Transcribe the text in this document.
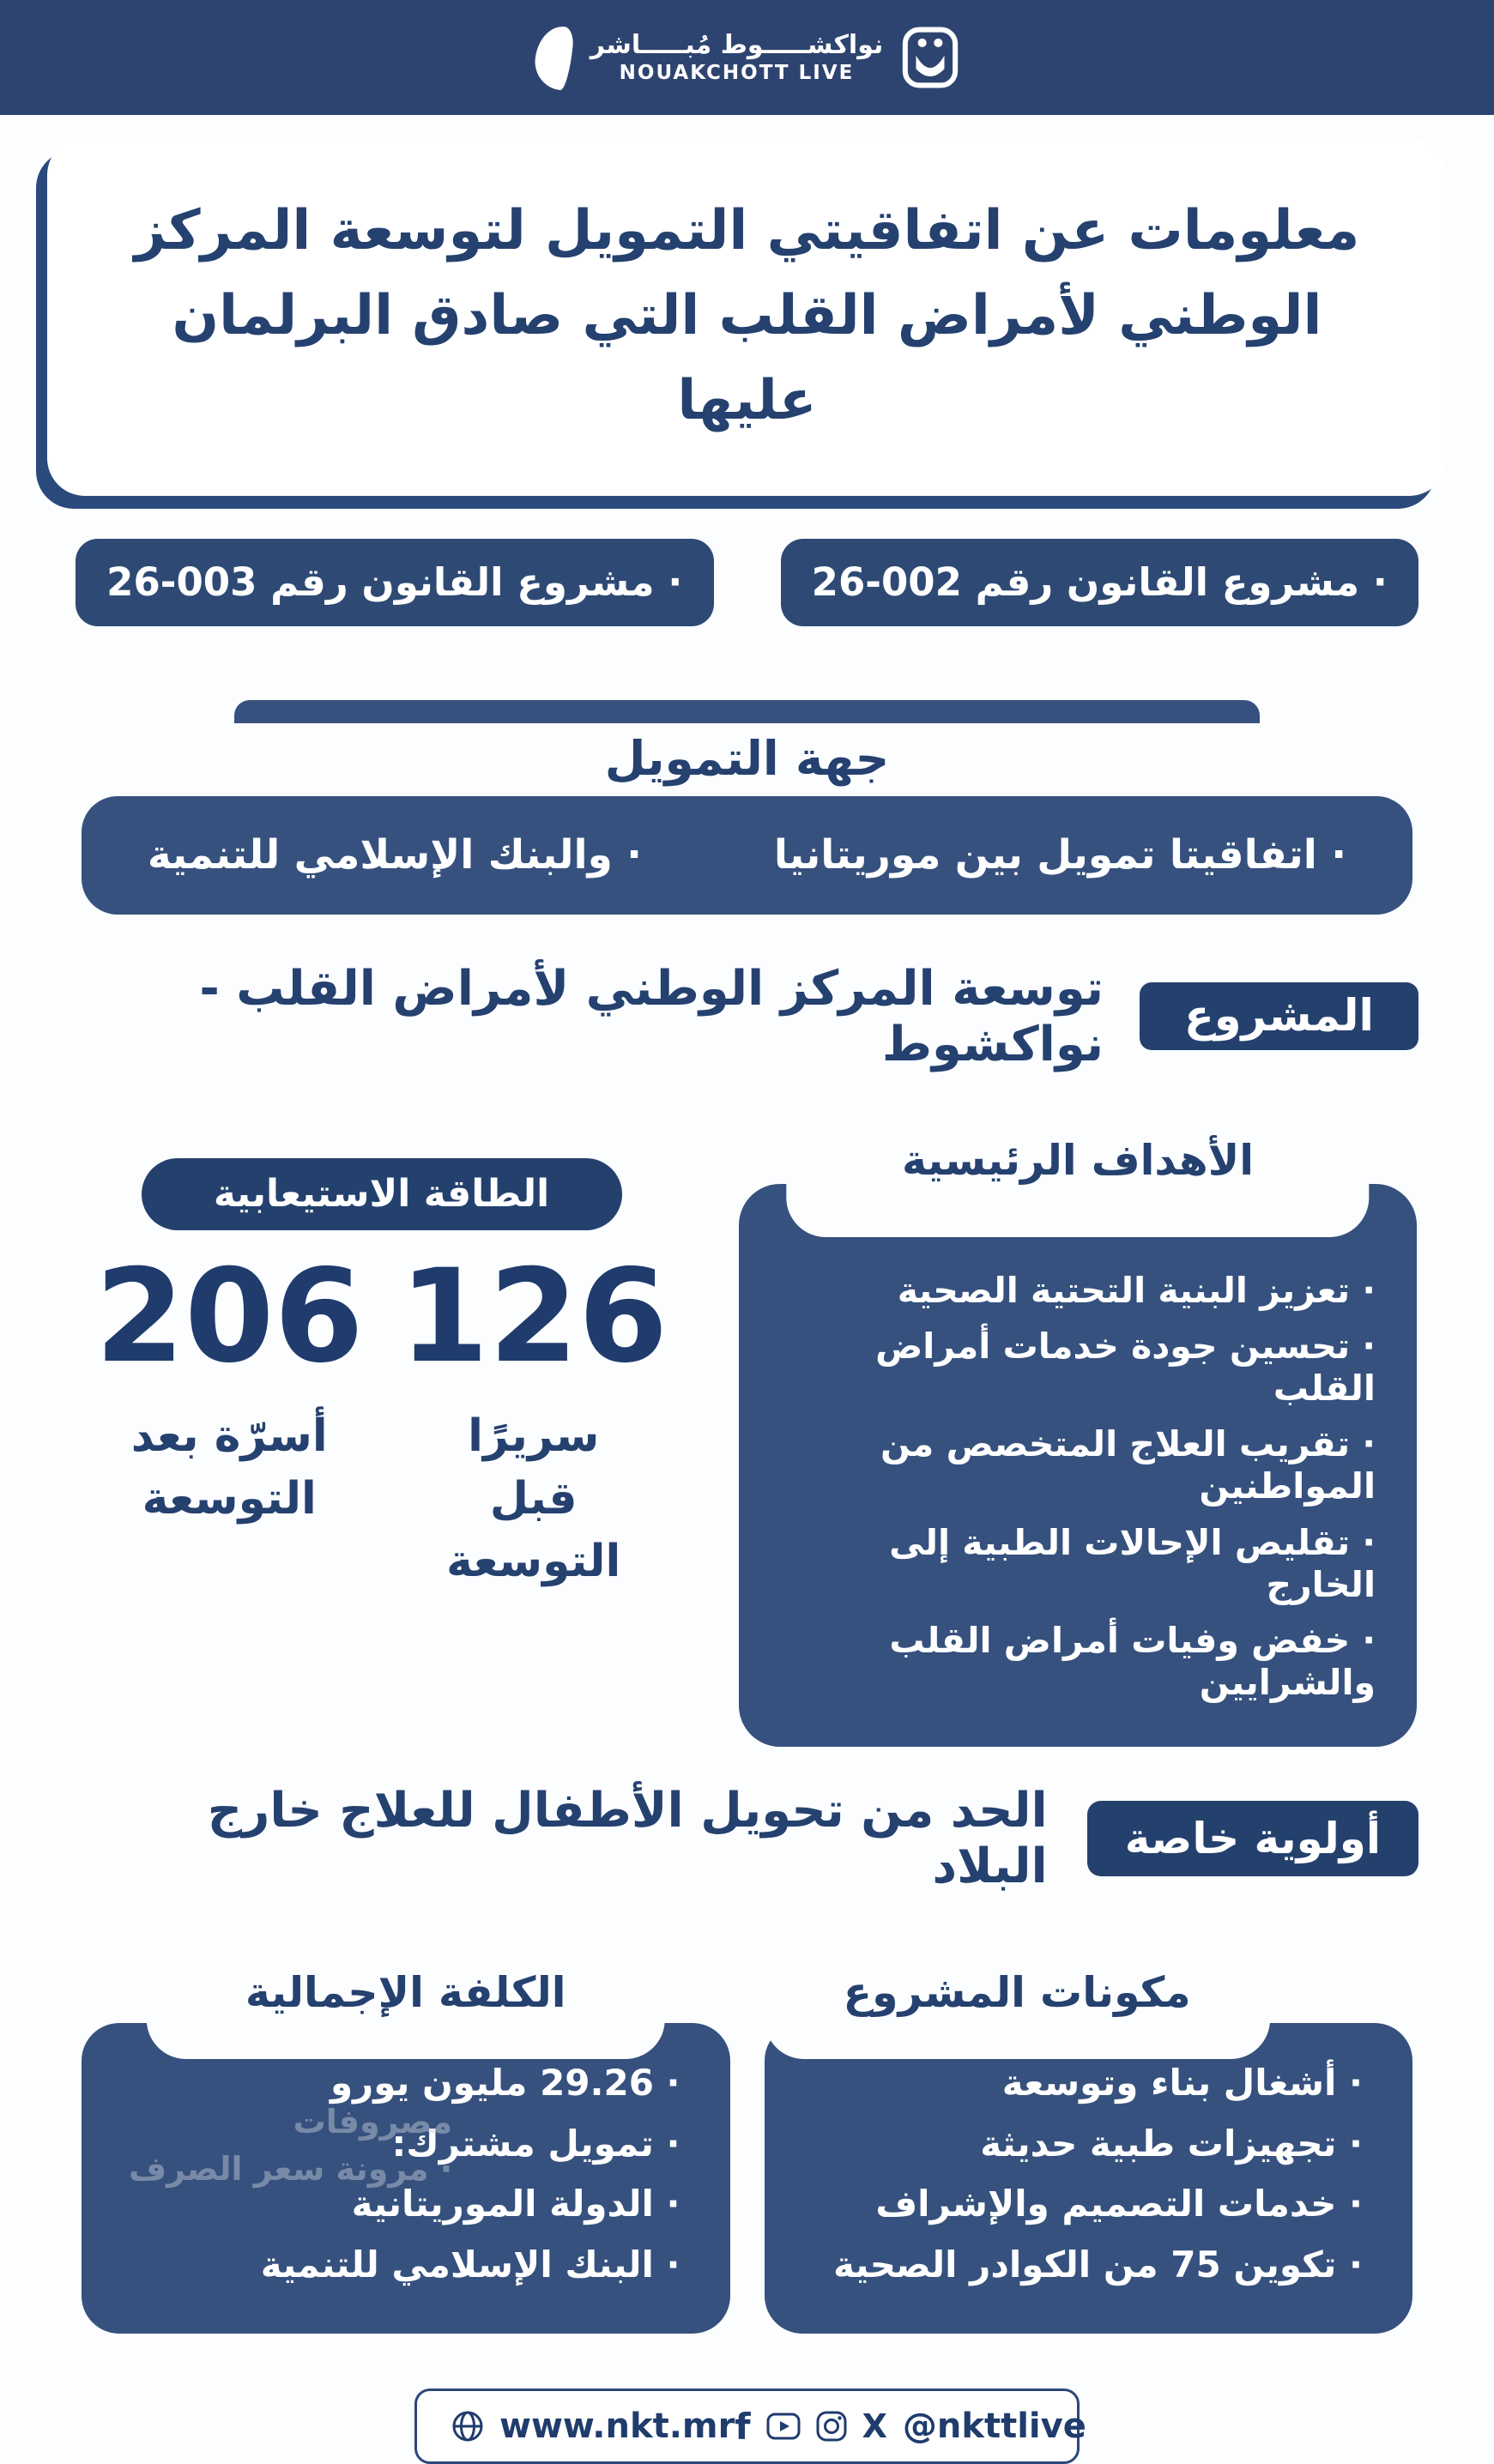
نواكشـــــوط مُبـــــاشر
NOUAKCHOTT LIVE
معلومات عن اتفاقيتي التمويل لتوسعة المركز
الوطني لأمراض القلب التي صادق البرلمان عليها
· مشروع القانون رقم 002-26
· مشروع القانون رقم 003-26
جهة التمويل
· اتفاقيتا تمويل بين موريتانيا
· والبنك الإسلامي للتنمية
المشروع
توسعة المركز الوطني لأمراض القلب - نواكشوط
الأهداف الرئيسية
· تعزيز البنية التحتية الصحية
· تحسين جودة خدمات أمراض القلب
· تقريب العلاج المتخصص من المواطنين
· تقليص الإحالات الطبية إلى الخارج
· خفض وفيات أمراض القلب والشرايين
الطاقة الاستيعابية
126
سريرًا قبل التوسعة
206
أسرّة بعد التوسعة
أولوية خاصة
الحد من تحويل الأطفال للعلاج خارج البلاد
مكونات المشروع
· أشغال بناء وتوسعة
· تجهيزات طبية حديثة
· خدمات التصميم والإشراف
· تكوين 75 من الكوادر الصحية
الكلفة الإجمالية
· 29.26 مليون يورو
· تمويل مشترك:
· الدولة الموريتانية
· البنك الإسلامي للتنمية
www.nkt.mr f	X @nkttlive
مصروفات
· مرونة سعر الصرف
